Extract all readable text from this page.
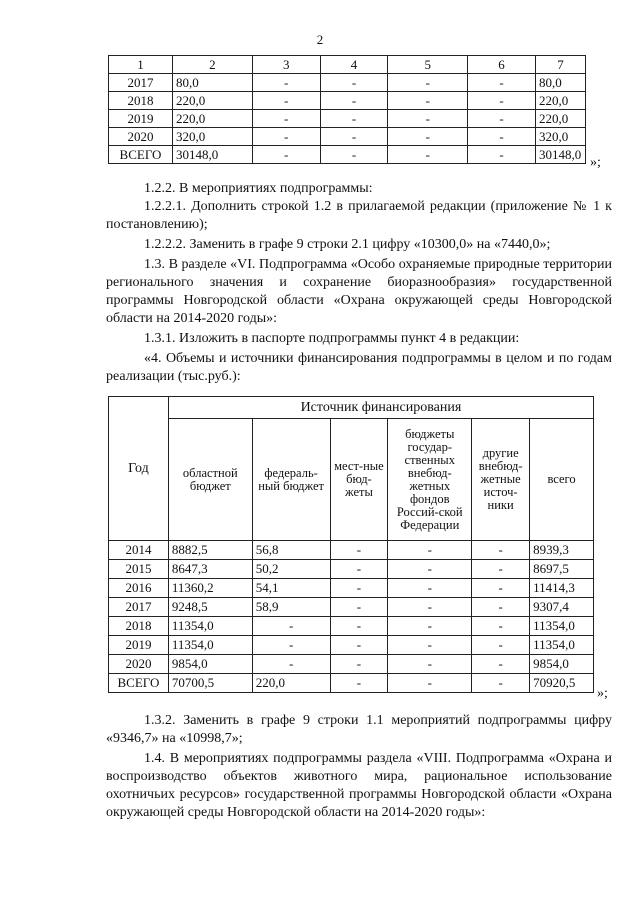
2
1	2	3	4	5	6	7
2017	80,0	-	-	-	-	80,0
2018	220,0	-	-	-	-	220,0
2019	220,0	-	-	-	-	220,0
2020	320,0	-	-	-	-	320,0
ВСЕГО	30148,0	-	-	-	-	30148,0
»;
1.2.2. В мероприятиях подпрограммы:
1.2.2.1. Дополнить строкой 1.2 в прилагаемой редакции (приложение № 1 к постановлению);
1.2.2.2. Заменить в графе 9 строки 2.1 цифру «10300,0» на «7440,0»;
1.3. В разделе «VI. Подпрограмма «Особо охраняемые природные территории регионального значения и сохранение биоразнообразия» государственной программы Новгородской области «Охрана окружающей среды Новгородской области на 2014-2020 годы»:
1.3.1. Изложить в паспорте подпрограммы пункт 4 в редакции:
«4. Объемы и источники финансирования подпрограммы в целом и по годам реализации (тыс.руб.):
Год	Источник финансирования					
	областной бюджет	федераль-ный бюджет	мест-ные бюд-жеты	бюджеты государ-ственных внебюд-жетных фондов Россий-ской Федерации	другие внебюд-жетные источ-ники	всего
2014	8882,5	56,8	-	-	-	8939,3
2015	8647,3	50,2	-	-	-	8697,5
2016	11360,2	54,1	-	-	-	11414,3
2017	9248,5	58,9	-	-	-	9307,4
2018	11354,0	-	-	-	-	11354,0
2019	11354,0	-	-	-	-	11354,0
2020	9854,0	-	-	-	-	9854,0
ВСЕГО	70700,5	220,0	-	-	-	70920,5
»;
1.3.2. Заменить в графе 9 строки 1.1 мероприятий подпрограммы цифру «9346,7» на «10998,7»;
1.4. В мероприятиях подпрограммы раздела «VIII. Подпрограмма «Охрана и воспроизводство объектов животного мира, рациональное использование охотничьих ресурсов» государственной программы Новгородской области «Охрана окружающей среды Новгородской области на 2014-2020 годы»:
